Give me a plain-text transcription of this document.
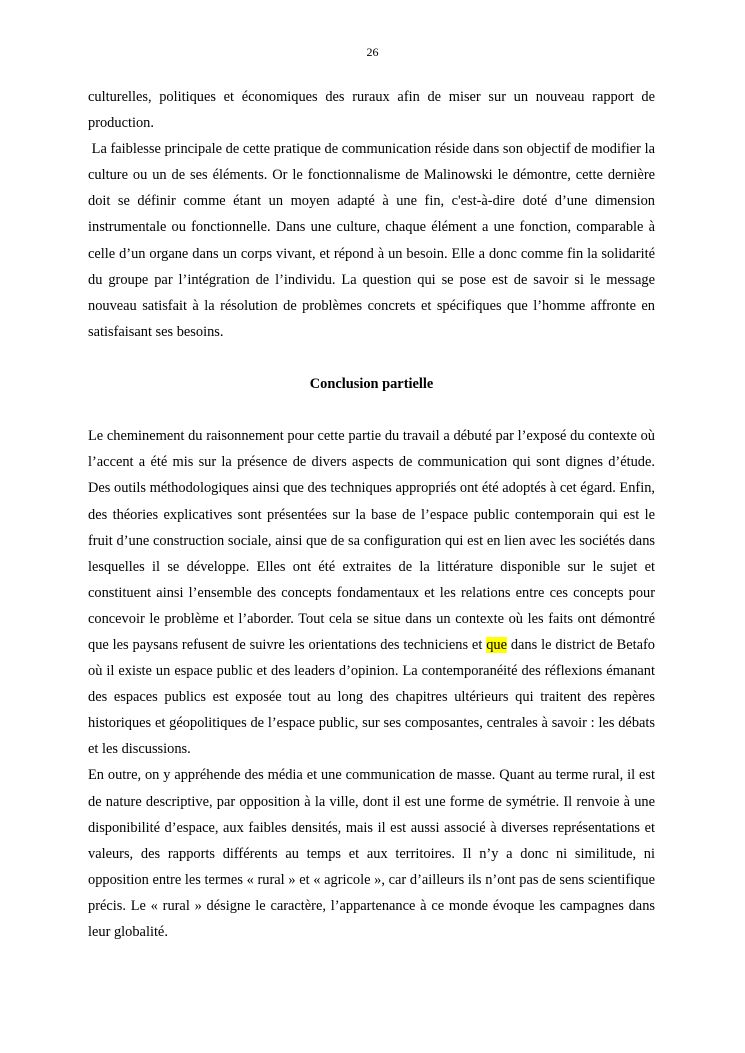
26

culturelles, politiques et économiques des ruraux afin de miser sur un nouveau rapport de production.

La faiblesse principale de cette pratique de communication réside dans son objectif de modifier la culture ou un de ses éléments. Or le fonctionnalisme de Malinowski le démontre, cette dernière doit se définir comme étant un moyen adapté à une fin, c'est-à-dire doté d’une dimension instrumentale ou fonctionnelle. Dans une culture, chaque élément a une fonction, comparable à celle d’un organe dans un corps vivant, et répond à un besoin. Elle a donc comme fin la solidarité du groupe par l’intégration de l’individu. La question qui se pose est de savoir si le message nouveau satisfait à la résolution de problèmes concrets et spécifiques que l’homme affronte en satisfaisant ses besoins.

Conclusion partielle

Le cheminement du raisonnement pour cette partie du travail a débuté par l’exposé du contexte où l’accent a été mis sur la présence de divers aspects de communication qui sont dignes d’étude. Des outils méthodologiques ainsi que des techniques appropriés ont été adoptés à cet égard. Enfin, des théories explicatives sont présentées sur la base de l’espace public contemporain qui est le fruit d’une construction sociale, ainsi que de sa configuration qui est en lien avec les sociétés dans lesquelles il se développe. Elles ont été extraites de la littérature disponible sur le sujet et constituent ainsi l’ensemble des concepts fondamentaux et les relations entre ces concepts pour concevoir le problème et l’aborder. Tout cela se situe dans un contexte où les faits ont démontré que les paysans refusent de suivre les orientations des techniciens et que dans le district de Betafo où il existe un espace public et des leaders d’opinion. La contemporanéité des réflexions émanant des espaces publics est exposée tout au long des chapitres ultérieurs qui traitent des repères historiques et géopolitiques de l’espace public, sur ses composantes, centrales à savoir : les débats et les discussions.

En outre, on y appréhende des média et une communication de masse. Quant au terme rural, il est de nature descriptive, par opposition à la ville, dont il est une forme de symétrie. Il renvoie à une disponibilité d’espace, aux faibles densités, mais il est aussi associé à diverses représentations et valeurs, des rapports différents au temps et aux territoires. Il n’y a donc ni similitude, ni opposition entre les termes « rural » et « agricole », car d’ailleurs ils n’ont pas de sens scientifique précis. Le « rural » désigne le caractère, l’appartenance à ce monde évoque les campagnes dans leur globalité.
